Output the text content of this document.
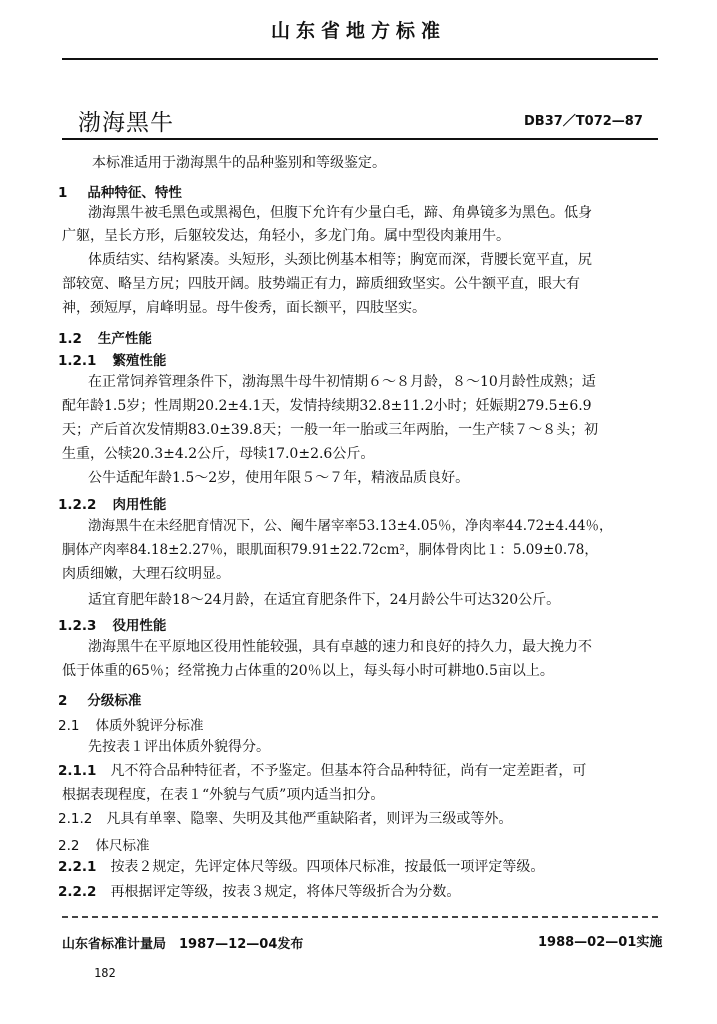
山东省地方标准
渤海黑牛	DB37／T072—87
本标准适用于渤海黑牛的品种鉴别和等级鉴定。
1 品种特征、特性
渤海黑牛被毛黑色或黑褐色，但腹下允许有少量白毛，蹄、角鼻镜多为黑色。低身
广躯，呈长方形，后躯较发达，角轻小，多龙门角。属中型役肉兼用牛。
体质结实、结构紧凑。头短形，头颈比例基本相等；胸宽而深，背腰长宽平直，尻
部较宽、略呈方尻；四肢开阔。肢势端正有力，蹄质细致坚实。公牛额平直，眼大有
神，颈短厚，肩峰明显。母牛俊秀，面长额平，四肢坚实。
1.2 生产性能
1.2.1 繁殖性能
在正常饲养管理条件下，渤海黑牛母牛初情期６～８月龄，８～10月龄性成熟；适
配年龄1.5岁；性周期20.2±4.1天，发情持续期32.8±11.2小时；妊娠期279.5±6.9
天；产后首次发情期83.0±39.8天；一般一年一胎或三年两胎，一生产犊７～８头；初
生重，公犊20.3±4.2公斤，母犊17.0±2.6公斤。
公牛适配年龄1.5～2岁，使用年限５～７年，精液品质良好。
1.2.2 肉用性能
渤海黑牛在未经肥育情况下，公、阉牛屠宰率53.13±4.05％，净肉率44.72±4.44％，
胴体产肉率84.18±2.27％，眼肌面积79.91±22.72cm²，胴体骨肉比１：5.09±0.78，
肉质细嫩，大理石纹明显。
适宜育肥年龄18～24月龄，在适宜育肥条件下，24月龄公牛可达320公斤。
1.2.3 役用性能
渤海黑牛在平原地区役用性能较强，具有卓越的速力和良好的持久力，最大挽力不
低于体重的65％；经常挽力占体重的20％以上，每头每小时可耕地0.5亩以上。
2 分级标准
2.1 体质外貌评分标准
先按表１评出体质外貌得分。
2.1.1 凡不符合品种特征者，不予鉴定。但基本符合品种特征，尚有一定差距者，可
根据表现程度，在表１“外貌与气质”项内适当扣分。
2.1.2 凡具有单睾、隐睾、失明及其他严重缺陷者，则评为三级或等外。
2.2 体尺标准
2.2.1 按表２规定，先评定体尺等级。四项体尺标准，按最低一项评定等级。
2.2.2 再根据评定等级，按表３规定，将体尺等级折合为分数。
山东省标准计量局　1987—12—04发布	1988—02—01实施
182
